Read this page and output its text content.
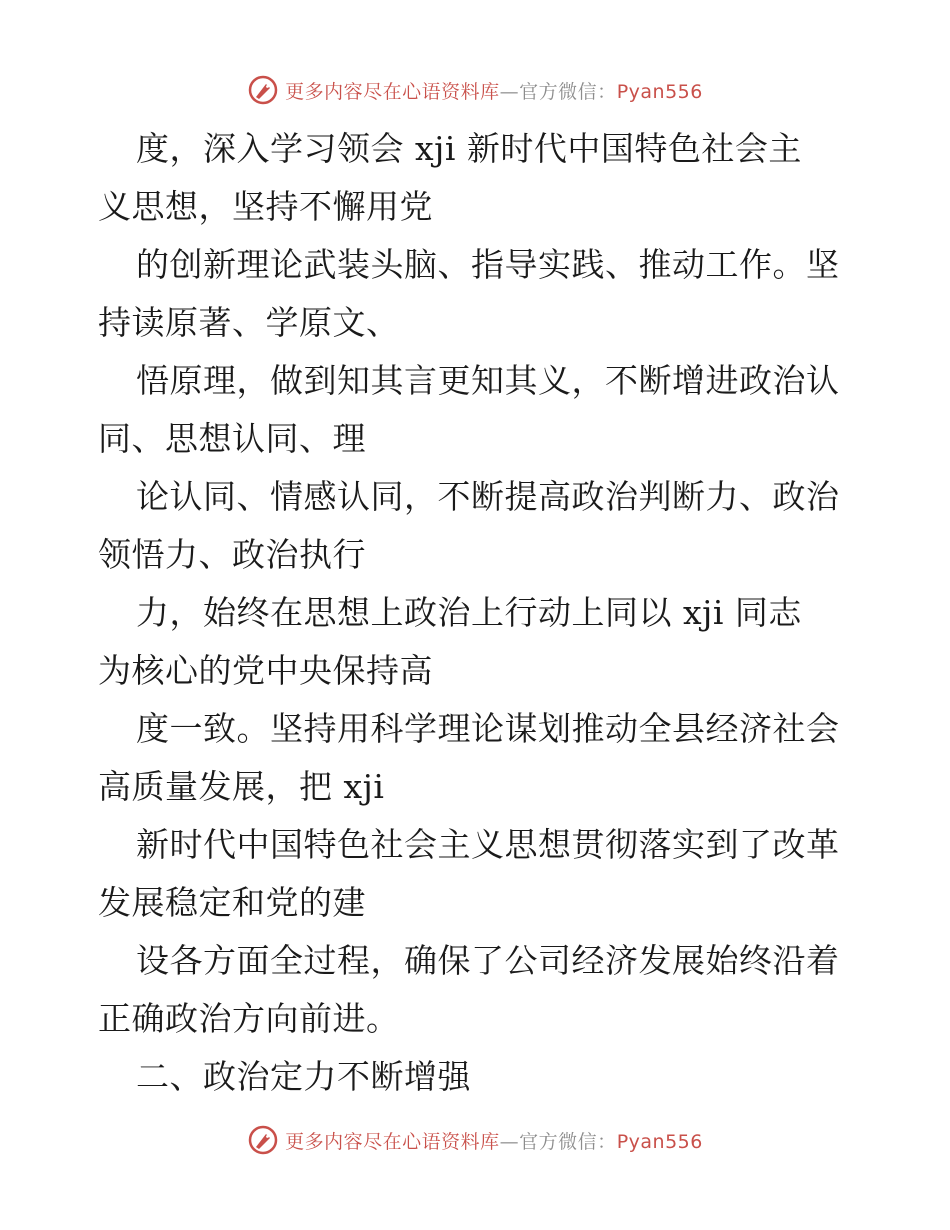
更多内容尽在心语资料库—官方微信：Pyan556
度，深入学习领会 xji 新时代中国特色社会主
义思想，坚持不懈用党
的创新理论武装头脑、指导实践、推动工作。坚
持读原著、学原文、
悟原理，做到知其言更知其义，不断增进政治认
同、思想认同、理
论认同、情感认同，不断提高政治判断力、政治
领悟力、政治执行
力，始终在思想上政治上行动上同以 xji 同志
为核心的党中央保持高
度一致。坚持用科学理论谋划推动全县经济社会
高质量发展，把 xji
新时代中国特色社会主义思想贯彻落实到了改革
发展稳定和党的建
设各方面全过程，确保了公司经济发展始终沿着
正确政治方向前进。
二、政治定力不断增强
更多内容尽在心语资料库—官方微信：Pyan556
